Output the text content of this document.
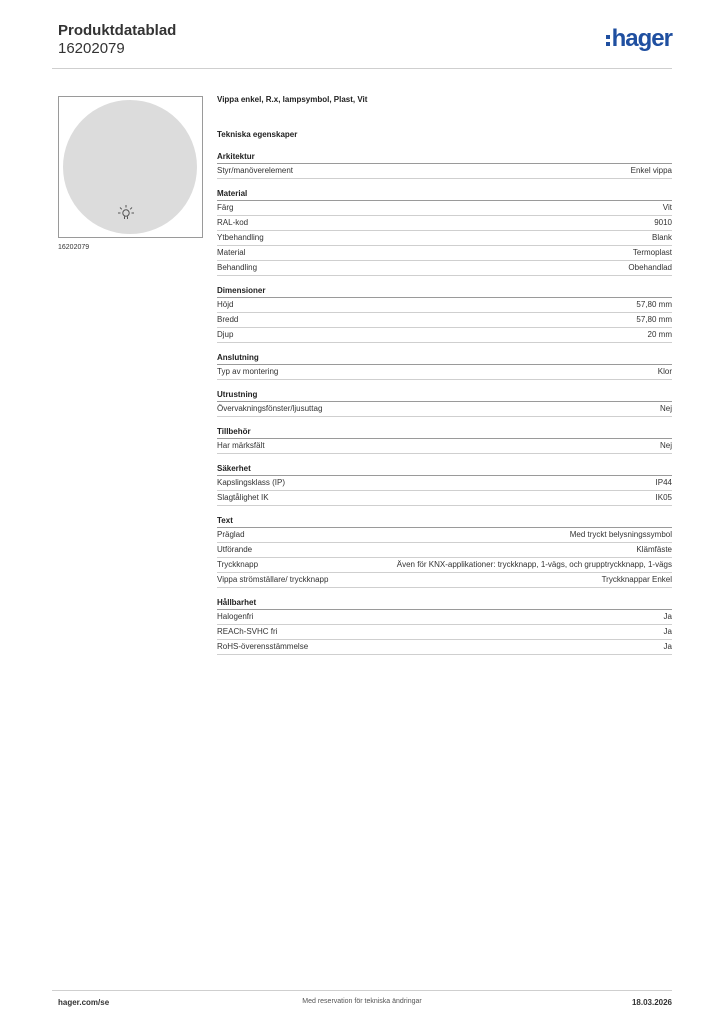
Produktdatablad
16202079	hager
16202079
Vippa enkel, R.x, lampsymbol, Plast, Vit
Tekniska egenskaper
Arkitektur
Styr/manöverelement	Enkel vippa
Material
Färg	Vit
RAL-kod	9010
Ytbehandling	Blank
Material	Termoplast
Behandling	Obehandlad
Dimensioner
Höjd	57,80 mm
Bredd	57,80 mm
Djup	20 mm
Anslutning
Typ av montering	Klor
Utrustning
Övervakningsfönster/ljusuttag	Nej
Tillbehör
Har märksfält	Nej
Säkerhet
Kapslingsklass (IP)	IP44
Slagtålighet IK	IK05
Text
Präglad	Med tryckt belysningssymbol
Utförande	Klämfäste
Tryckknapp	Även för KNX-applikationer: tryckknapp, 1-vägs, och grupptryckknapp, 1-vägs
Vippa strömställare/ tryckknapp	Tryckknappar Enkel
Hållbarhet
Halogenfri	Ja
REACh-SVHC fri	Ja
RoHS-överensstämmelse	Ja
hager.com/se	Med reservation för tekniska ändringar	18.03.2026
